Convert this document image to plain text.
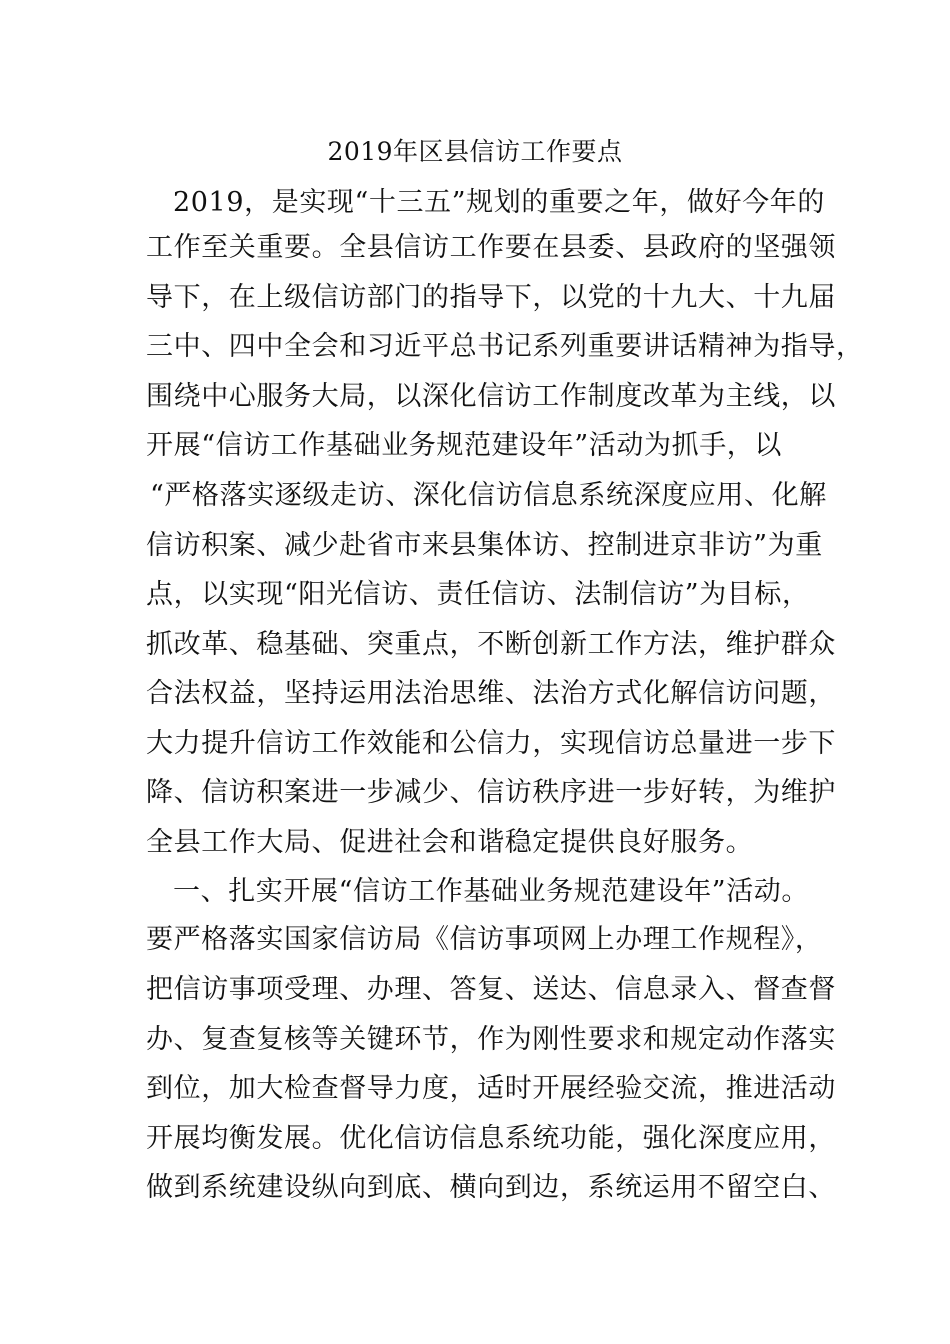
2019年区县信访工作要点
2019，是实现“十三五”规划的重要之年，做好今年的
工作至关重要。全县信访工作要在县委、县政府的坚强领
导下，在上级信访部门的指导下，以党的十九大、十九届
三中、四中全会和习近平总书记系列重要讲话精神为指导，
围绕中心服务大局，以深化信访工作制度改革为主线，以
开展“信访工作基础业务规范建设年”活动为抓手，以
“严格落实逐级走访、深化信访信息系统深度应用、化解
信访积案、减少赴省市来县集体访、控制进京非访”为重
点，以实现“阳光信访、责任信访、法制信访”为目标，
抓改革、稳基础、突重点，不断创新工作方法，维护群众
合法权益，坚持运用法治思维、法治方式化解信访问题，
大力提升信访工作效能和公信力，实现信访总量进一步下
降、信访积案进一步减少、信访秩序进一步好转，为维护
全县工作大局、促进社会和谐稳定提供良好服务。
一、扎实开展“信访工作基础业务规范建设年”活动。
要严格落实国家信访局《信访事项网上办理工作规程》，
把信访事项受理、办理、答复、送达、信息录入、督查督
办、复查复核等关键环节，作为刚性要求和规定动作落实
到位，加大检查督导力度，适时开展经验交流，推进活动
开展均衡发展。优化信访信息系统功能，强化深度应用，
做到系统建设纵向到底、横向到边，系统运用不留空白、
